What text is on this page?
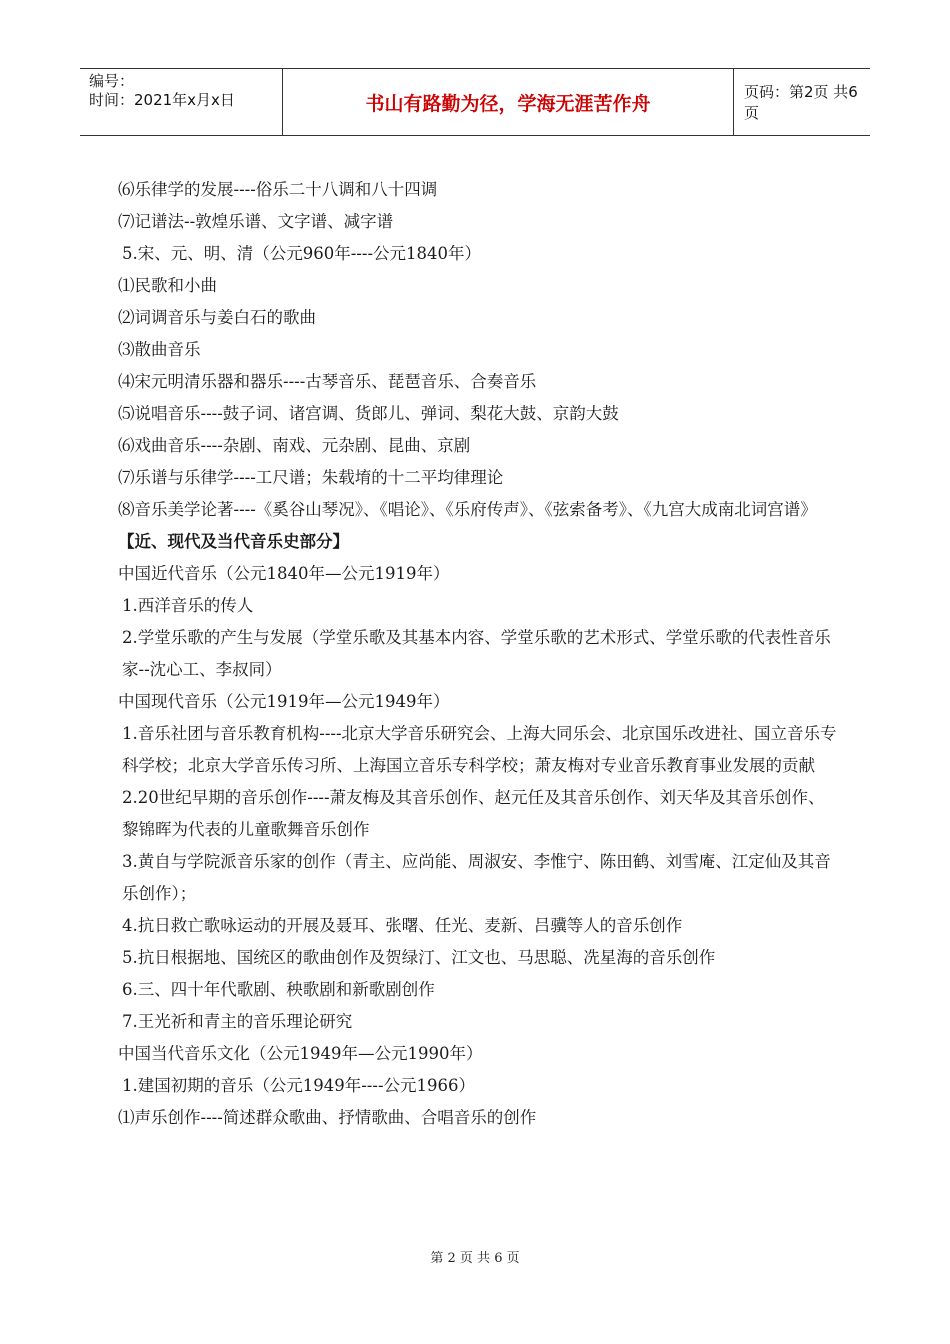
编号：
时间：2021年x月x日	书山有路勤为径，学海无涯苦作舟
页码：第2页 共6页

⑹乐律学的发展----俗乐二十八调和八十四调

⑺记谱法--敦煌乐谱、文字谱、减字谱

5.宋、元、明、清（公元960年----公元1840年）

⑴民歌和小曲

⑵词调音乐与姜白石的歌曲

⑶散曲音乐

⑷宋元明清乐器和器乐----古琴音乐、琵琶音乐、合奏音乐

⑸说唱音乐----鼓子词、诸宫调、货郎儿、弹词、梨花大鼓、京韵大鼓

⑹戏曲音乐----杂剧、南戏、元杂剧、昆曲、京剧

⑺乐谱与乐律学----工尺谱；朱载堉的十二平均律理论

⑻音乐美学论著----《奚谷山琴况》、《唱论》、《乐府传声》、《弦索备考》、《九宫大成南北词宫谱》

【近、现代及当代音乐史部分】

中国近代音乐（公元1840年—公元1919年）

1.西洋音乐的传人

2.学堂乐歌的产生与发展（学堂乐歌及其基本内容、学堂乐歌的艺术形式、学堂乐歌的代表性音乐家--沈心工、李叔同）

中国现代音乐（公元1919年—公元1949年）

1.音乐社团与音乐教育机构----北京大学音乐研究会、上海大同乐会、北京国乐改进社、国立音乐专科学校；北京大学音乐传习所、上海国立音乐专科学校；萧友梅对专业音乐教育事业发展的贡献

2.20世纪早期的音乐创作----萧友梅及其音乐创作、赵元任及其音乐创作、刘天华及其音乐创作、黎锦晖为代表的儿童歌舞音乐创作

3.黄自与学院派音乐家的创作（青主、应尚能、周淑安、李惟宁、陈田鹤、刘雪庵、江定仙及其音乐创作）；

4.抗日救亡歌咏运动的开展及聂耳、张曙、任光、麦新、吕骥等人的音乐创作

5.抗日根据地、国统区的歌曲创作及贺绿汀、江文也、马思聪、冼星海的音乐创作

6.三、四十年代歌剧、秧歌剧和新歌剧创作

7.王光祈和青主的音乐理论研究

中国当代音乐文化（公元1949年—公元1990年）

1.建国初期的音乐（公元1949年----公元1966）

⑴声乐创作----简述群众歌曲、抒情歌曲、合唱音乐的创作

第 2 页 共 6 页
